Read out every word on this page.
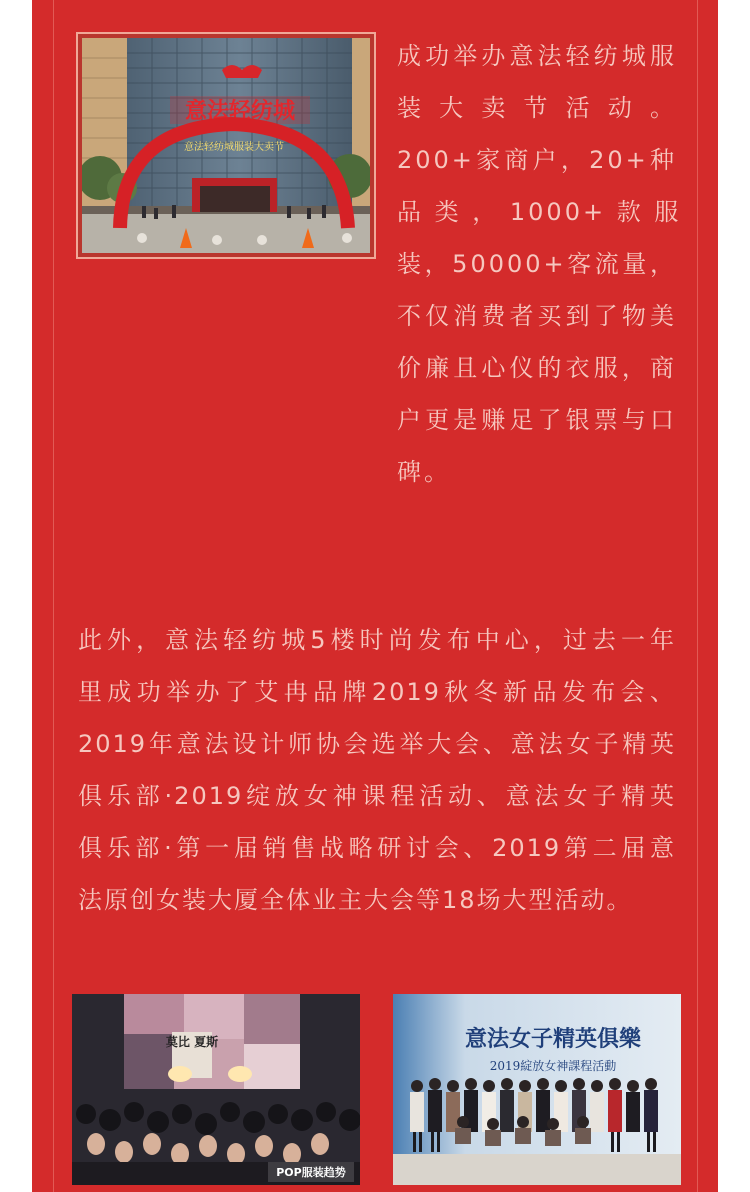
意法轻纺城
意法轻纺城服装大卖节
成功举办意法轻纺城服
装 大 卖 节 活 动 。
200+家商户，20+种
品 类 ， 1000+ 款 服
装，50000+客流量，
不仅消费者买到了物美
价廉且心仪的衣服，商
户更是赚足了银票与口
碑。
此外，意法轻纺城5楼时尚发布中心，过去一年
里成功举办了艾冉品牌2019秋冬新品发布会、
2019年意法设计师协会选举大会、意法女子精英
俱乐部·2019绽放女神课程活动、意法女子精英
俱乐部·第一届销售战略研讨会、2019第二届意
法原创女装大厦全体业主大会等18场大型活动。
莫比 夏斯
POP服装趋势
意法女子精英俱樂
2019綻放女神課程活動
